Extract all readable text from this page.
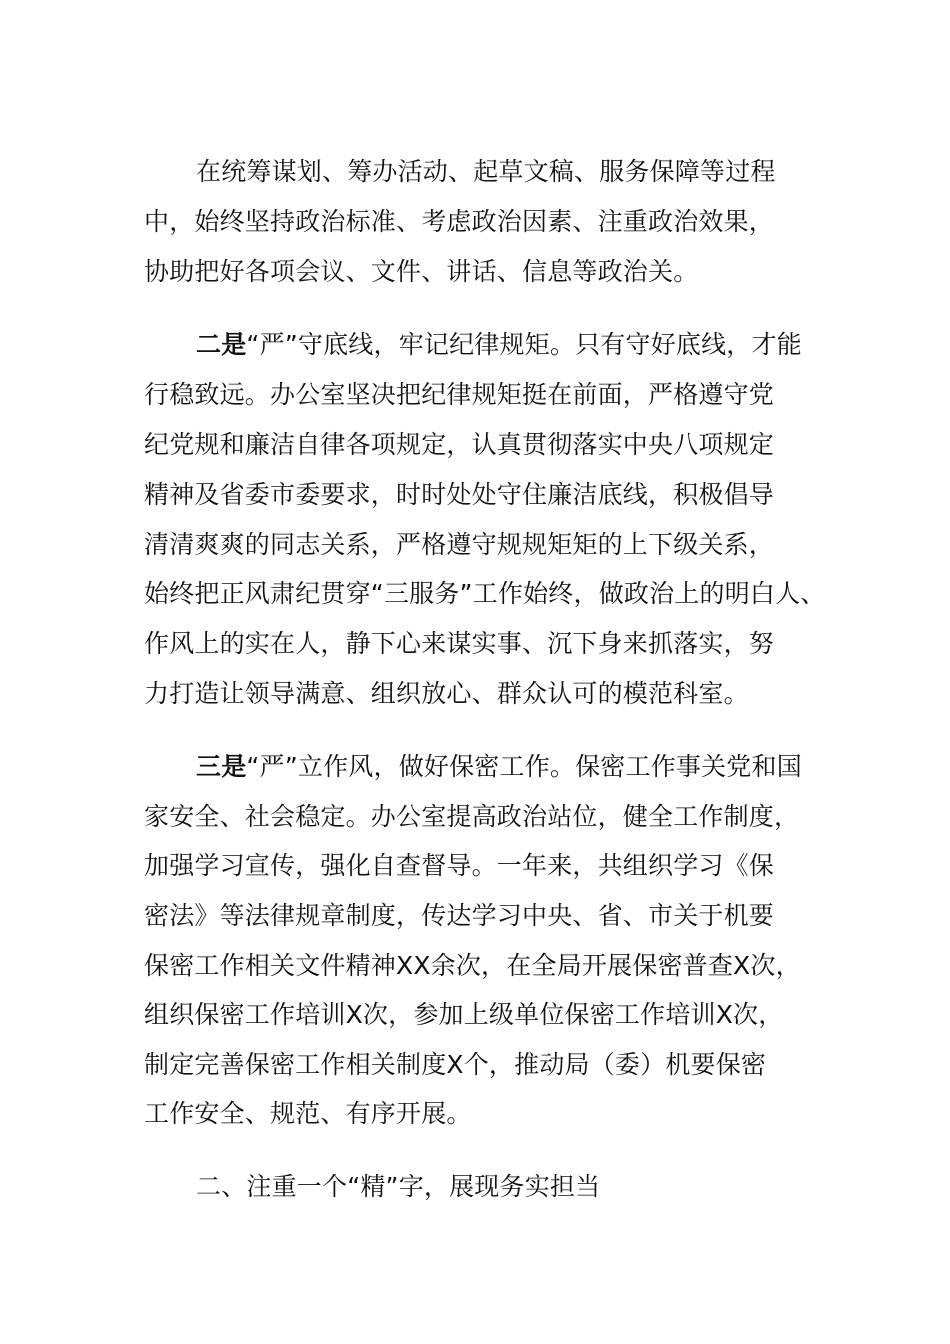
在统筹谋划、筹办活动、起草文稿、服务保障等过程
中，始终坚持政治标准、考虑政治因素、注重政治效果，
协助把好各项会议、文件、讲话、信息等政治关。
二是“严”守底线，牢记纪律规矩。只有守好底线，才能
行稳致远。办公室坚决把纪律规矩挺在前面，严格遵守党
纪党规和廉洁自律各项规定，认真贯彻落实中央八项规定
精神及省委市委要求，时时处处守住廉洁底线，积极倡导
清清爽爽的同志关系，严格遵守规规矩矩的上下级关系，
始终把正风肃纪贯穿“三服务”工作始终，做政治上的明白人、
作风上的实在人，静下心来谋实事、沉下身来抓落实，努
力打造让领导满意、组织放心、群众认可的模范科室。
三是“严”立作风，做好保密工作。保密工作事关党和国
家安全、社会稳定。办公室提高政治站位，健全工作制度，
加强学习宣传，强化自查督导。一年来，共组织学习《保
密法》等法律规章制度，传达学习中央、省、市关于机要
保密工作相关文件精神XX余次，在全局开展保密普查X次，
组织保密工作培训X次，参加上级单位保密工作培训X次，
制定完善保密工作相关制度X个，推动局（委）机要保密
工作安全、规范、有序开展。
二、注重一个“精”字，展现务实担当
